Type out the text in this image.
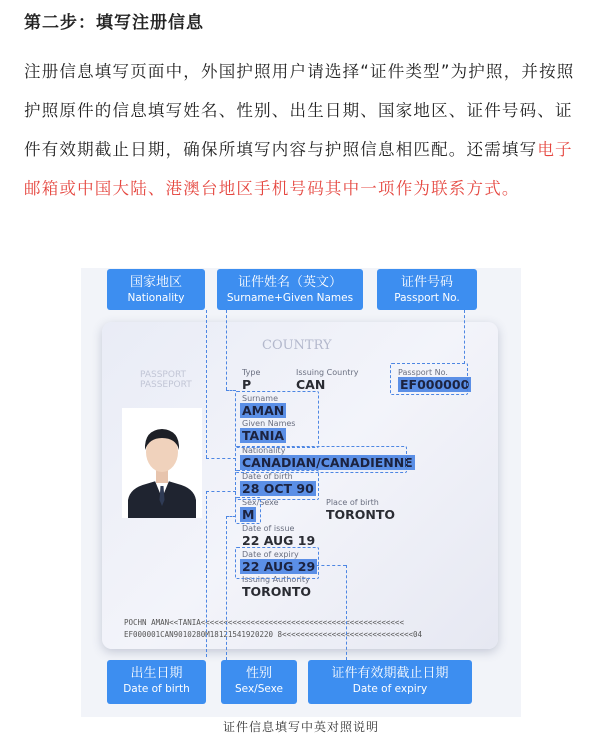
第二步：填写注册信息

注册信息填写页面中，外国护照用户请选择“证件类型”为护照，并按照护照原件的信息填写姓名、性别、出生日期、国家地区、证件号码、证件有效期截止日期，确保所填写内容与护照信息相匹配。还需填写电子邮箱或中国大陆、港澳台地区手机号码其中一项作为联系方式。

COUNTRY
PASSPORT
PASSEPORT
Type
P
Issuing Country
CAN
Passport No.
EF000000
Surname
AMAN
Given Names
TANIA
Nationality
CANADIAN/CANADIENNE
Date of birth
28 OCT 90
Sex/Sexe
M
Place of birth
TORONTO
Date of issue
22 AUG 19
Date of expiry
22 AUG 29
Issuing Authority
TORONTO
POCHN AMAN<<TANIA<<<<<<<<<<<<<<<<<<<<<<<<<<<<<<<<<<<<<<<<<<<<<
EF000001CAN9010280M18121541920220 8<<<<<<<<<<<<<<<<<<<<<<<<<<<<<04
国家地区
Nationality
证件姓名（英文）
Surname+Given Names
证件号码
Passport No.
出生日期
Date of birth
性别
Sex/Sexe
证件有效期截止日期
Date of expiry
证件信息填写中英对照说明
